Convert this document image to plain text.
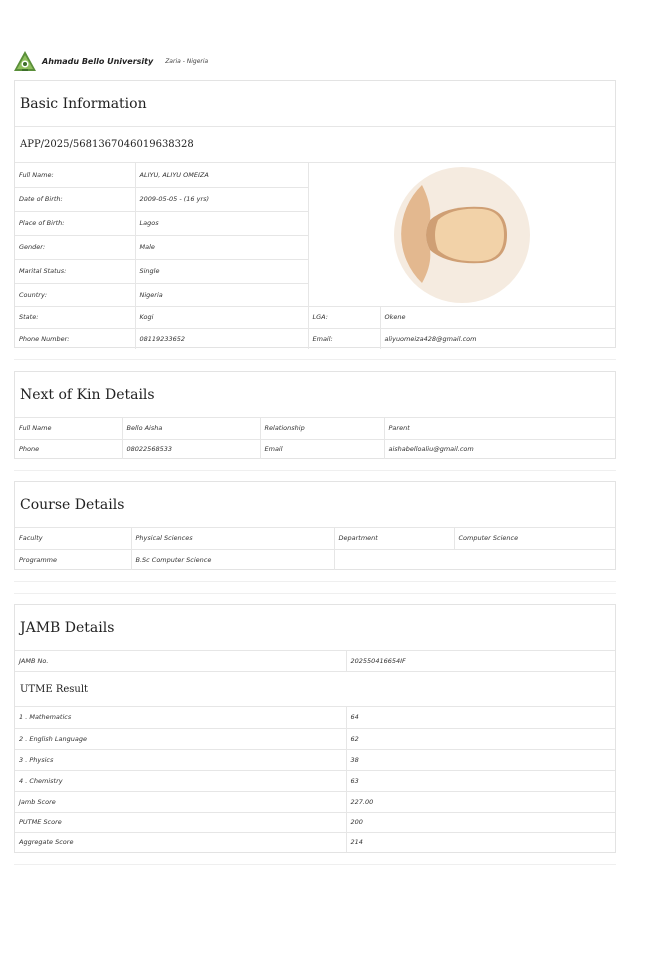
Ahmadu Bello University Zaria - Nigeria
Basic Information
APP/2025/5681367046019638328
Full Name:	ALIYU, ALIYU OMEIZA
Date of Birth:	2009-05-05 - (16 yrs)
Place of Birth:	Lagos
Gender:	Male
Marital Status:	Single
Country:	Nigeria
State:	Kogi	LGA:	Okene
Phone Number:	08119233652	Email:	aliyuomeiza428@gmail.com
Next of Kin Details
Full Name	Bello Aisha	Relationship	Parent
Phone	08022568533	Email	aishabelloaliu@gmail.com
Course Details
Faculty	Physical Sciences	Department	Computer Science
Programme	B.Sc Computer Science		
JAMB Details
JAMB No.	202550416654IF
UTME Result
1 . Mathematics	64
2 . English Language	62
3 . Physics	38
4 . Chemistry	63
Jamb Score	227.00
PUTME Score	200
Aggregate Score	214
